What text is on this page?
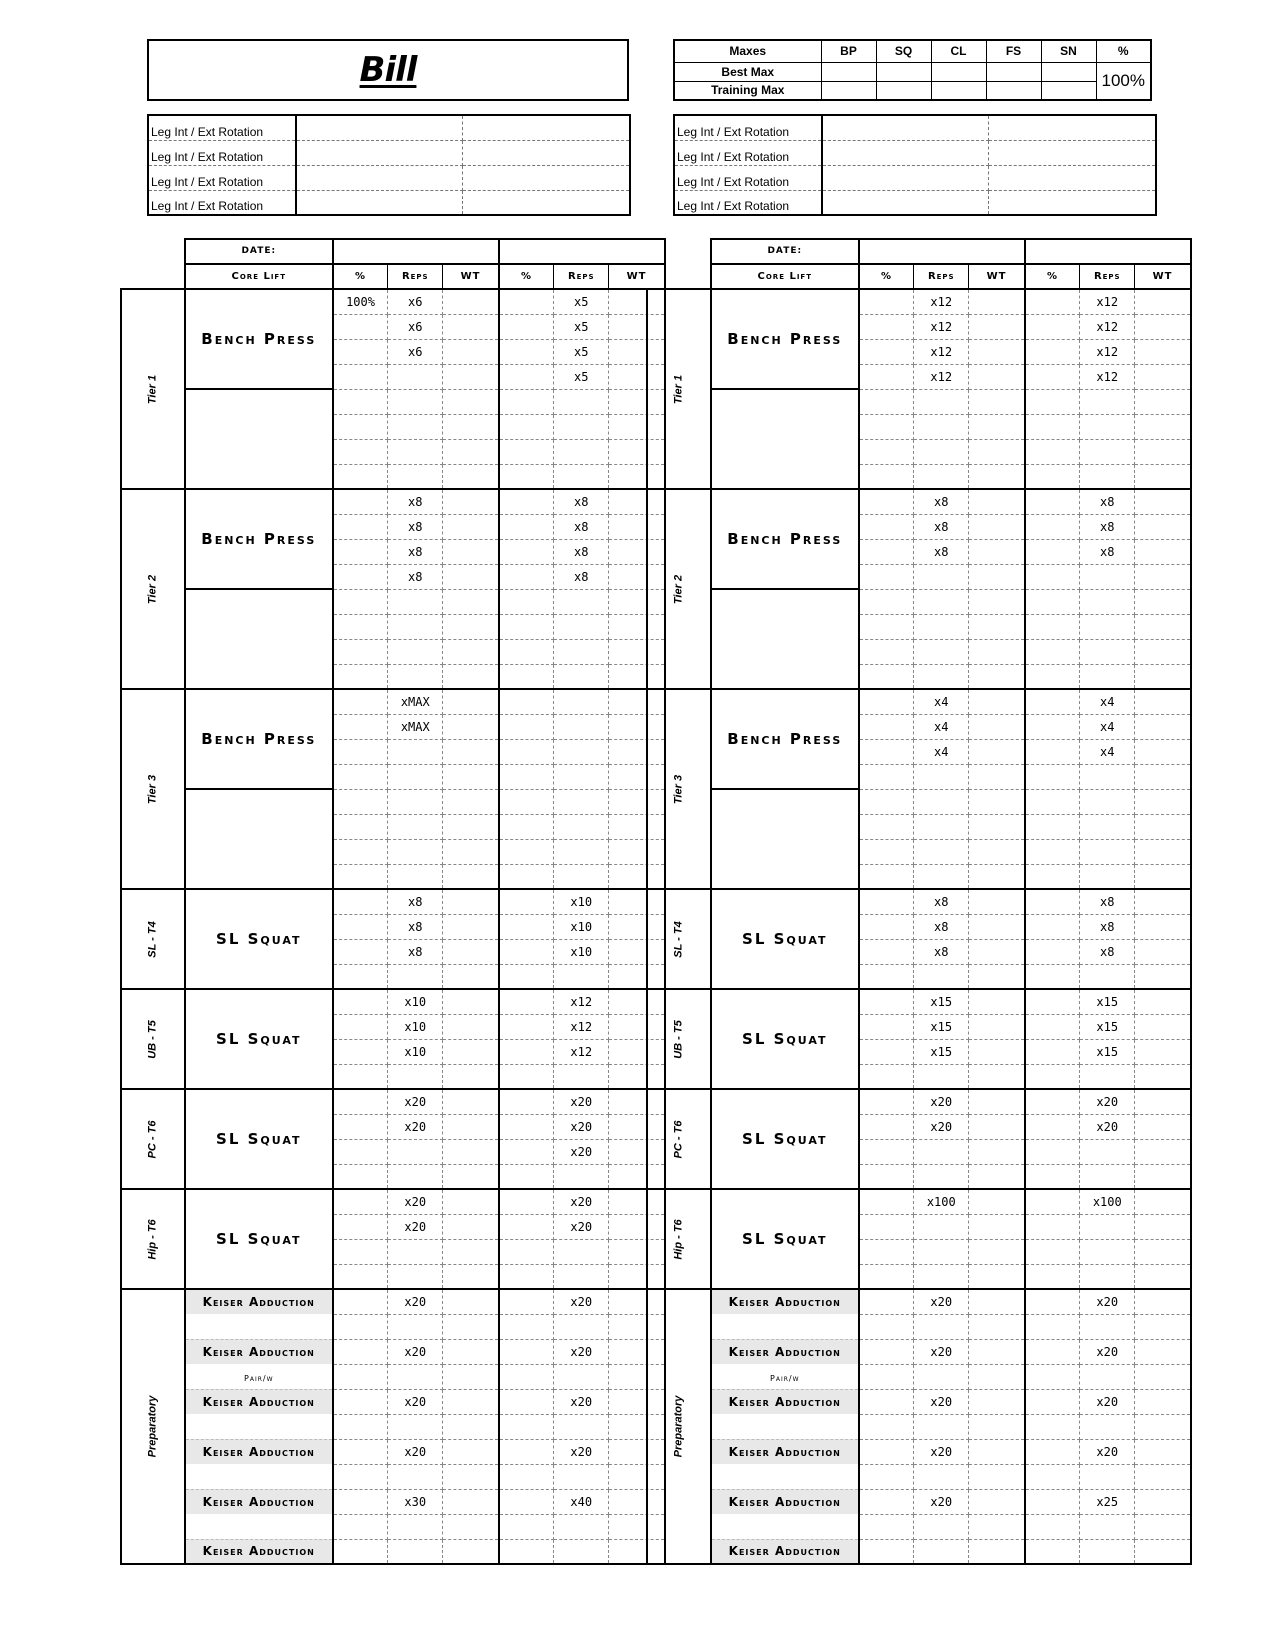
Bill	Maxes	BP	SQ	CL	FS	SN	%
Best Max						100%
Training Max						
Leg Int / Ext Rotation		
Leg Int / Ext Rotation		
Leg Int / Ext Rotation		
Leg Int / Ext Rotation		
Leg Int / Ext Rotation		
Leg Int / Ext Rotation		
Leg Int / Ext Rotation		
Leg Int / Ext Rotation		
	DATE:						
	Core Lift	%	Reps	WT	%	Reps	WT

Tier 1	Bench Press	100%	x6			x5	
			x6			x5	
			x6			x5	
						x5	

Tier 2	Bench Press		x8			x8	
			x8			x8	
			x8			x8	
			x8			x8	

Tier 3	Bench Press		xMAX				
			xMAX				

SL - T4	SL Squat		x8			x10	
			x8			x10	
			x8			x10	

UB - T5	SL Squat		x10			x12	
			x10			x12	
			x10			x12	

PC - T6	SL Squat		x20			x20	
			x20			x20	
						x20	

Hip - T6	SL Squat		x20			x20	
			x20			x20	

Preparatory	Keiser Adduction		x20			x20	

	Keiser Adduction		x20			x20	

	Pair/w						

	Keiser Adduction		x20			x20	

	Keiser Adduction		x20			x20	

	Keiser Adduction		x30			x40	

	Keiser Adduction						
	DATE:						
	Core Lift	%	Reps	WT	%	Reps	WT

Tier 1	Bench Press		x12			x12	
			x12			x12	
			x12			x12	
			x12			x12	

Tier 2	Bench Press		x8			x8	
			x8			x8	
			x8			x8	

Tier 3	Bench Press		x4			x4	
			x4			x4	
			x4			x4	

SL - T4	SL Squat		x8			x8	
			x8			x8	
			x8			x8	

UB - T5	SL Squat		x15			x15	
			x15			x15	
			x15			x15	

PC - T6	SL Squat		x20			x20	
			x20			x20	

Hip - T6	SL Squat		x100			x100	

Preparatory	Keiser Adduction		x20			x20	

	Keiser Adduction		x20			x20	

	Pair/w						

	Keiser Adduction		x20			x20	

	Keiser Adduction		x20			x20	

	Keiser Adduction		x20			x25	

	Keiser Adduction						
